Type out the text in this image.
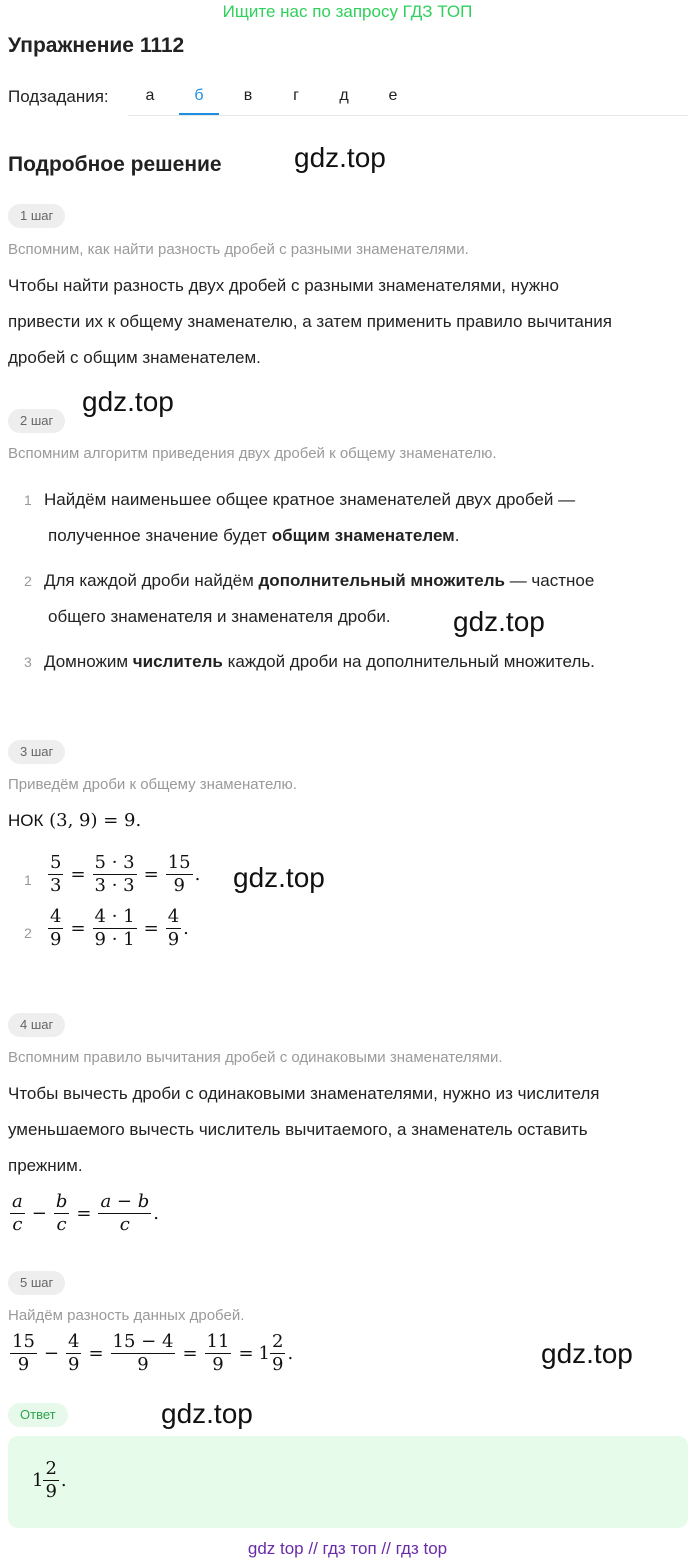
Ищите нас по запросу ГДЗ ТОП
Упражнение 1112
Подзадания:	а	б	в	г	д	е
Подробное решение	gdz.top
gdz.top
gdz.top
gdz.top
gdz.top
gdz.top
1 шаг
Вспомним, как найти разность дробей с разными знаменателями.
Чтобы найти разность двух дробей с разными знаменателями, нужно
привести их к общему знаменателю, а затем применить правило вычитания
дробей с общим знаменателем.
2 шаг
Вспомним алгоритм приведения двух дробей к общему знаменателю.
1 Найдём наименьшее общее кратное знаменателей двух дробей —
полученное значение будет общим знаменателем.
2 Для каждой дроби найдём дополнительный множитель — частное
общего знаменателя и знаменателя дроби.
3 Домножим числитель каждой дроби на дополнительный множитель.
3 шаг
Приведём дроби к общему знаменателю.
НОК (3, 9) = 9.
$1 \frac{5}{3} = \frac{5 \cdot 3}{3 \cdot 3} = \frac{15}{9}$ .
$2 \frac{4}{9} = \frac{4 \cdot 1}{9 \cdot 1} = \frac{4}{9}$ .
4 шаг
Вспомним правило вычитания дробей с одинаковыми знаменателями.
Чтобы вычесть дроби с одинаковыми знаменателями, нужно из числителя
уменьшаемого вычесть числитель вычитаемого, а знаменатель оставить
прежним.
$\frac{a}{c} - \frac{b}{c} = \frac{a - b}{c}$ .
5 шаг
Найдём разность данных дробей.
$\frac{15}{9} - \frac{4}{9} = \frac{15 - 4}{9} = \frac{11}{9} = 1 \frac{2}{9}$ .
Ответ
$1 \frac{2}{9}$ .
gdz top // гдз топ // гдз top
